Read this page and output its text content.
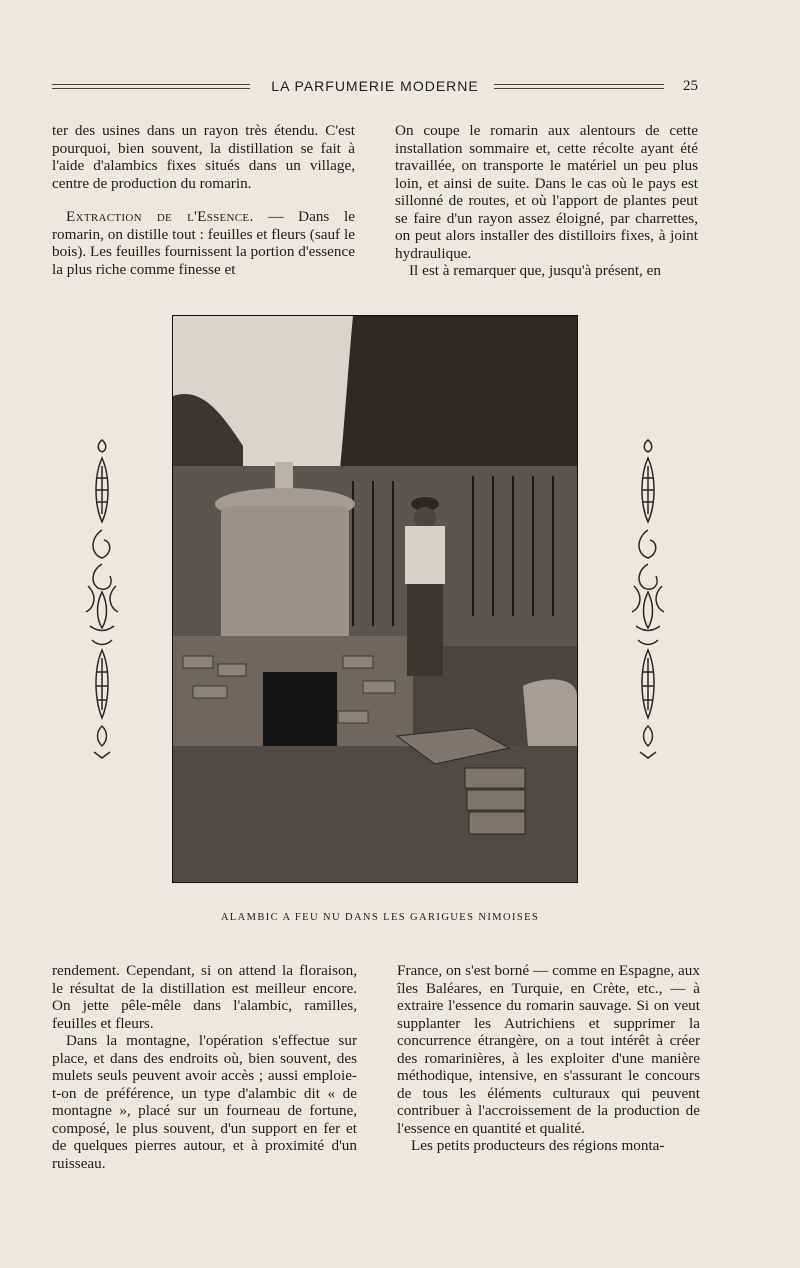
LA PARFUMERIE MODERNE	25

ter des usines dans un rayon très étendu. C'est pourquoi, bien souvent, la distillation se fait à l'aide d'alambics fixes situés dans un village, centre de production du romarin.

Extraction de l'Essence. — Dans le romarin, on distille tout : feuilles et fleurs (sauf le bois). Les feuilles fournissent la portion d'essence la plus riche comme finesse et

On coupe le romarin aux alentours de cette installation sommaire et, cette récolte ayant été travaillée, on transporte le matériel un peu plus loin, et ainsi de suite. Dans le cas où le pays est sillonné de routes, et où l'apport de plantes peut se faire d'un rayon assez éloigné, par charrettes, on peut alors installer des distilloirs fixes, à joint hydraulique.

Il est à remarquer que, jusqu'à présent, en

ALAMBIC A FEU NU DANS LES GARIGUES NIMOISES

rendement. Cependant, si on attend la floraison, le résultat de la distillation est meilleur encore. On jette pêle-mêle dans l'alambic, ramilles, feuilles et fleurs.

Dans la montagne, l'opération s'effectue sur place, et dans des endroits où, bien souvent, des mulets seuls peuvent avoir accès ; aussi emploie-t-on de préférence, un type d'alambic dit « de montagne », placé sur un fourneau de fortune, composé, le plus souvent, d'un support en fer et de quelques pierres autour, et à proximité d'un ruisseau.

France, on s'est borné — comme en Espagne, aux îles Baléares, en Turquie, en Crète, etc., — à extraire l'essence du romarin sauvage. Si on veut supplanter les Autrichiens et supprimer la concurrence étrangère, on a tout intérêt à créer des romarinières, à les exploiter d'une manière méthodique, intensive, en s'assurant le concours de tous les éléments culturaux qui peuvent contribuer à l'accroissement de la production de l'essence en quantité et qualité.

Les petits producteurs des régions monta-
